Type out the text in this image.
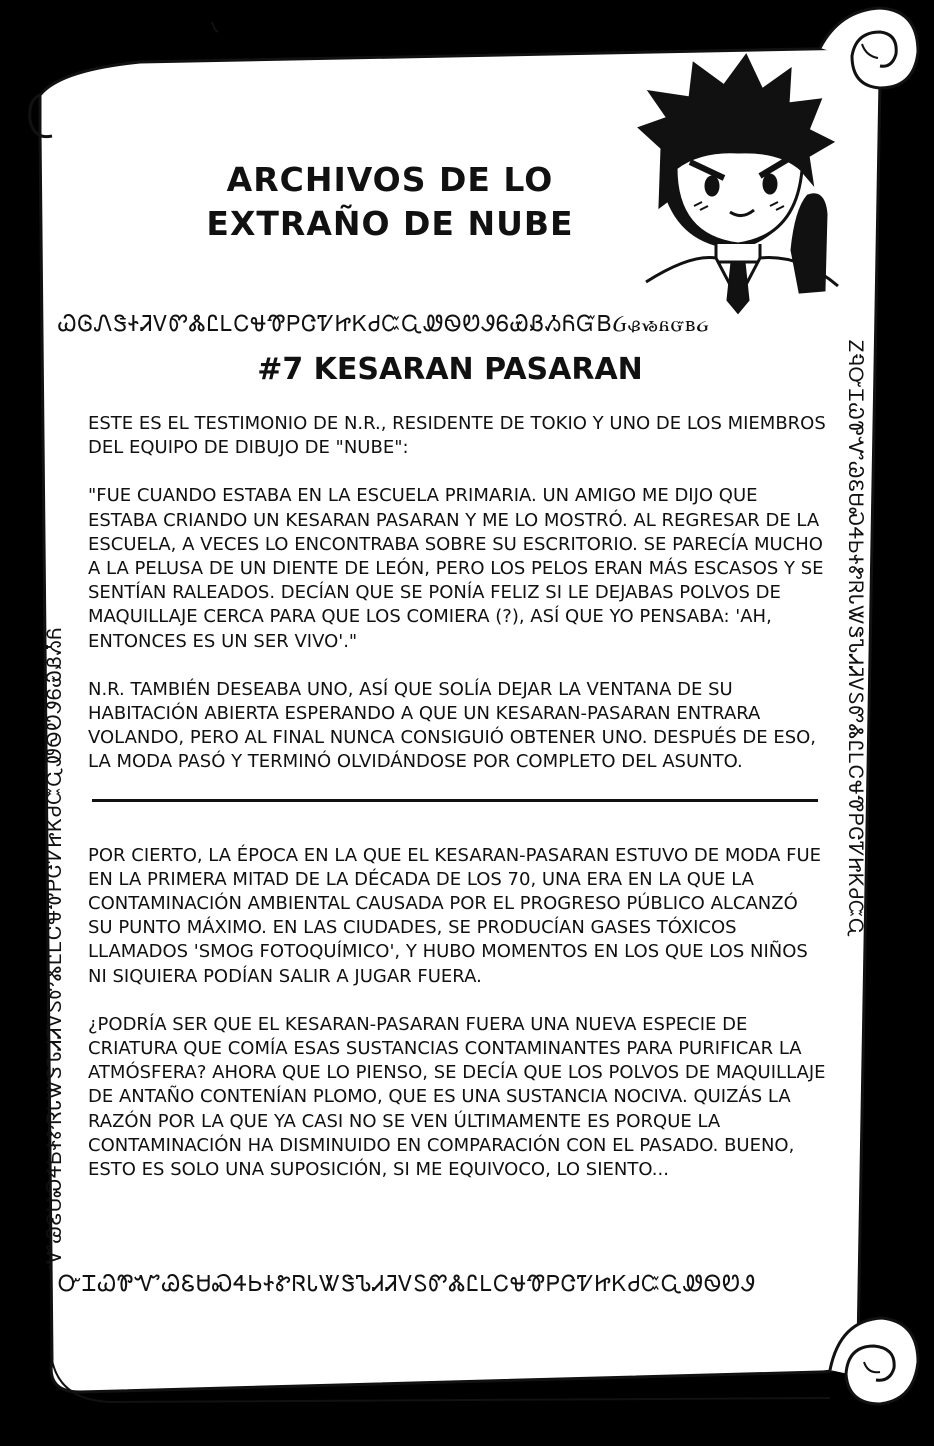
ARCHIVOS DE LO
EXTRAÑO DE NUBE
ᏇᎶᏁᏕᏐᏘᏙᏛᏜᏝᏞᏟᏠᏡᏢᏣᏤᏥᏦᏧᏨᏩᏪᏫᏬᏭᏮᏯᏰᏱᏲᏳᏴᏵᏸᏹᏺᏻᏼᏽ
ᏅᏆᏇᏈᏉᏊᏋᏌᏍᏎᏏᏐᏑᏒᏓᏔᏕᏖᏗᏘᏙᏚᏛᏜᏝᏞᏟᏠᏡᏢᏣᏤᏥᏦᏧᏨᏩᏪᏫᏬᏭ
ᏉᏊᏋᏌᏍᏎᏏᏐᏑᏒᏓᏔᏕᏖᏗᏘᏙᏚᏛᏜᏝᏞᏟᏠᏡᏢᏣᏤᏥᏦᏧᏨᏩᏪᏫᏬᏭᏮᏯᏰᏱᏲ	ᏃᏄᏅᏆᏇᏈᏉᏊᏋᏌᏍᏎᏏᏐᏑᏒᏓᏔᏕᏖᏗᏘᏙᏚᏛᏜᏝᏞᏟᏠᏡᏢᏣᏤᏥᏦᏧᏨᏩ
#7 KESARAN PASARAN

ESTE ES EL TESTIMONIO DE N.R., RESIDENTE DE TOKIO Y UNO DE LOS MIEMBROS DEL EQUIPO DE DIBUJO DE "NUBE":

"FUE CUANDO ESTABA EN LA ESCUELA PRIMARIA. UN AMIGO ME DIJO QUE ESTABA CRIANDO UN KESARAN PASARAN Y ME LO MOSTRÓ. AL REGRESAR DE LA ESCUELA, A VECES LO ENCONTRABA SOBRE SU ESCRITORIO. SE PARECÍA MUCHO A LA PELUSA DE UN DIENTE DE LEÓN, PERO LOS PELOS ERAN MÁS ESCASOS Y SE SENTÍAN RALEADOS. DECÍAN QUE SE PONÍA FELIZ SI LE DEJABAS POLVOS DE MAQUILLAJE CERCA PARA QUE LOS COMIERA (?), ASÍ QUE YO PENSABA: 'AH, ENTONCES ES UN SER VIVO'."

N.R. TAMBIÉN DESEABA UNO, ASÍ QUE SOLÍA DEJAR LA VENTANA DE SU HABITACIÓN ABIERTA ESPERANDO A QUE UN KESARAN-PASARAN ENTRARA VOLANDO, PERO AL FINAL NUNCA CONSIGUIÓ OBTENER UNO. DESPUÉS DE ESO, LA MODA PASÓ Y TERMINÓ OLVIDÁNDOSE POR COMPLETO DEL ASUNTO.

POR CIERTO, LA ÉPOCA EN LA QUE EL KESARAN-PASARAN ESTUVO DE MODA FUE EN LA PRIMERA MITAD DE LA DÉCADA DE LOS 70, UNA ERA EN LA QUE LA CONTAMINACIÓN AMBIENTAL CAUSADA POR EL PROGRESO PÚBLICO ALCANZÓ SU PUNTO MÁXIMO. EN LAS CIUDADES, SE PRODUCÍAN GASES TÓXICOS LLAMADOS 'SMOG FOTOQUÍMICO', Y HUBO MOMENTOS EN LOS QUE LOS NIÑOS NI SIQUIERA PODÍAN SALIR A JUGAR FUERA.

¿PODRÍA SER QUE EL KESARAN-PASARAN FUERA UNA NUEVA ESPECIE DE CRIATURA QUE COMÍA ESAS SUSTANCIAS CONTAMINANTES PARA PURIFICAR LA ATMÓSFERA? AHORA QUE LO PIENSO, SE DECÍA QUE LOS POLVOS DE MAQUILLAJE DE ANTAÑO CONTENÍAN PLOMO, QUE ES UNA SUSTANCIA NOCIVA. QUIZÁS LA RAZÓN POR LA QUE YA CASI NO SE VEN ÚLTIMAMENTE ES PORQUE LA CONTAMINACIÓN HA DISMINUIDO EN COMPARACIÓN CON EL PASADO. BUENO, ESTO ES SOLO UNA SUPOSICIÓN, SI ME EQUIVOCO, LO SIENTO...
